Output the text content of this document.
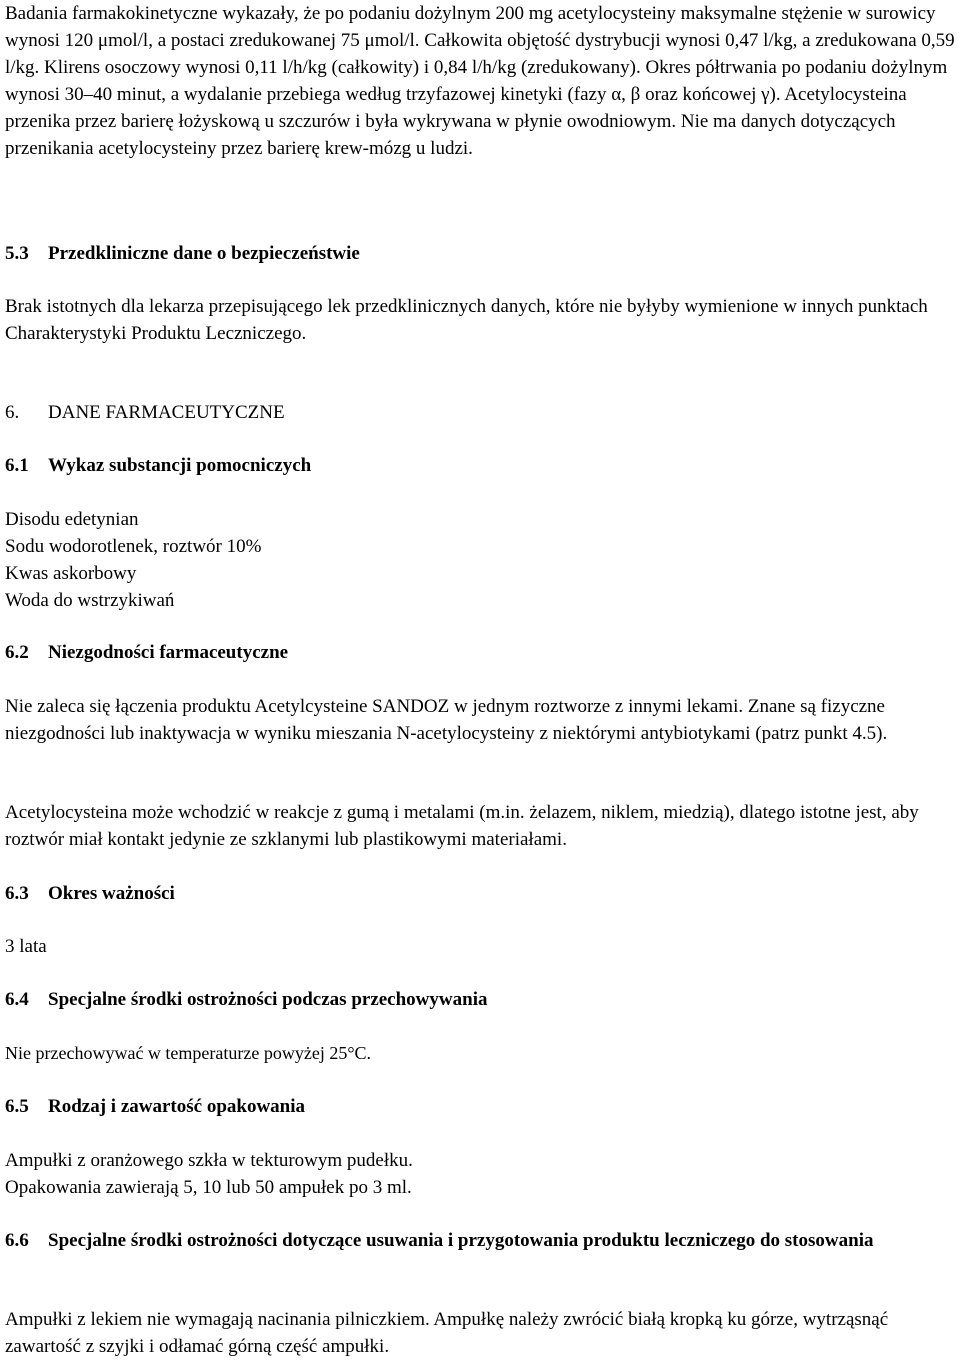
Badania farmakokinetyczne wykazały, że po podaniu dożylnym 200 mg acetylocysteiny maksymalne stężenie w surowicy wynosi 120 μmol/l, a postaci zredukowanej 75 μmol/l. Całkowita objętość dystrybucji wynosi 0,47 l/kg, a zredukowana 0,59 l/kg. Klirens osoczowy wynosi 0,11 l/h/kg (całkowity) i 0,84 l/h/kg (zredukowany). Okres półtrwania po podaniu dożylnym wynosi 30–40 minut, a wydalanie przebiega według trzyfazowej kinetyki (fazy α, β oraz końcowej γ). Acetylocysteina przenika przez barierę łożyskową u szczurów i była wykrywana w płynie owodniowym. Nie ma danych dotyczących przenikania acetylocysteiny przez barierę krew-mózg u ludzi.

5.3	Przedkliniczne dane o bezpieczeństwie

Brak istotnych dla lekarza przepisującego lek przedklinicznych danych, które nie byłyby wymienione w innych punktach Charakterystyki Produktu Leczniczego.

6.	DANE FARMACEUTYCZNE
6.1	Wykaz substancji pomocniczych

Disodu edetynian

Sodu wodorotlenek, roztwór 10%

Kwas askorbowy

Woda do wstrzykiwań

6.2	Niezgodności farmaceutyczne

Nie zaleca się łączenia produktu Acetylcysteine SANDOZ w jednym roztworze z innymi lekami. Znane są fizyczne niezgodności lub inaktywacja w wyniku mieszania N-acetylocysteiny z niektórymi antybiotykami (patrz punkt 4.5).

Acetylocysteina może wchodzić w reakcje z gumą i metalami (m.in. żelazem, niklem, miedzią), dlatego istotne jest, aby roztwór miał kontakt jedynie ze szklanymi lub plastikowymi materiałami.

6.3	Okres ważności

3 lata

6.4	Specjalne środki ostrożności podczas przechowywania

Nie przechowywać w temperaturze powyżej 25°C.

6.5	Rodzaj i zawartość opakowania

Ampułki z oranżowego szkła w tekturowym pudełku.

Opakowania zawierają 5, 10 lub 50 ampułek po 3 ml.

6.6	Specjalne środki ostrożności dotyczące usuwania i przygotowania produktu leczniczego do stosowania

Ampułki z lekiem nie wymagają nacinania pilniczkiem. Ampułkę należy zwrócić białą kropką ku górze, wytrząsnąć zawartość z szyjki i odłamać górną część ampułki.
